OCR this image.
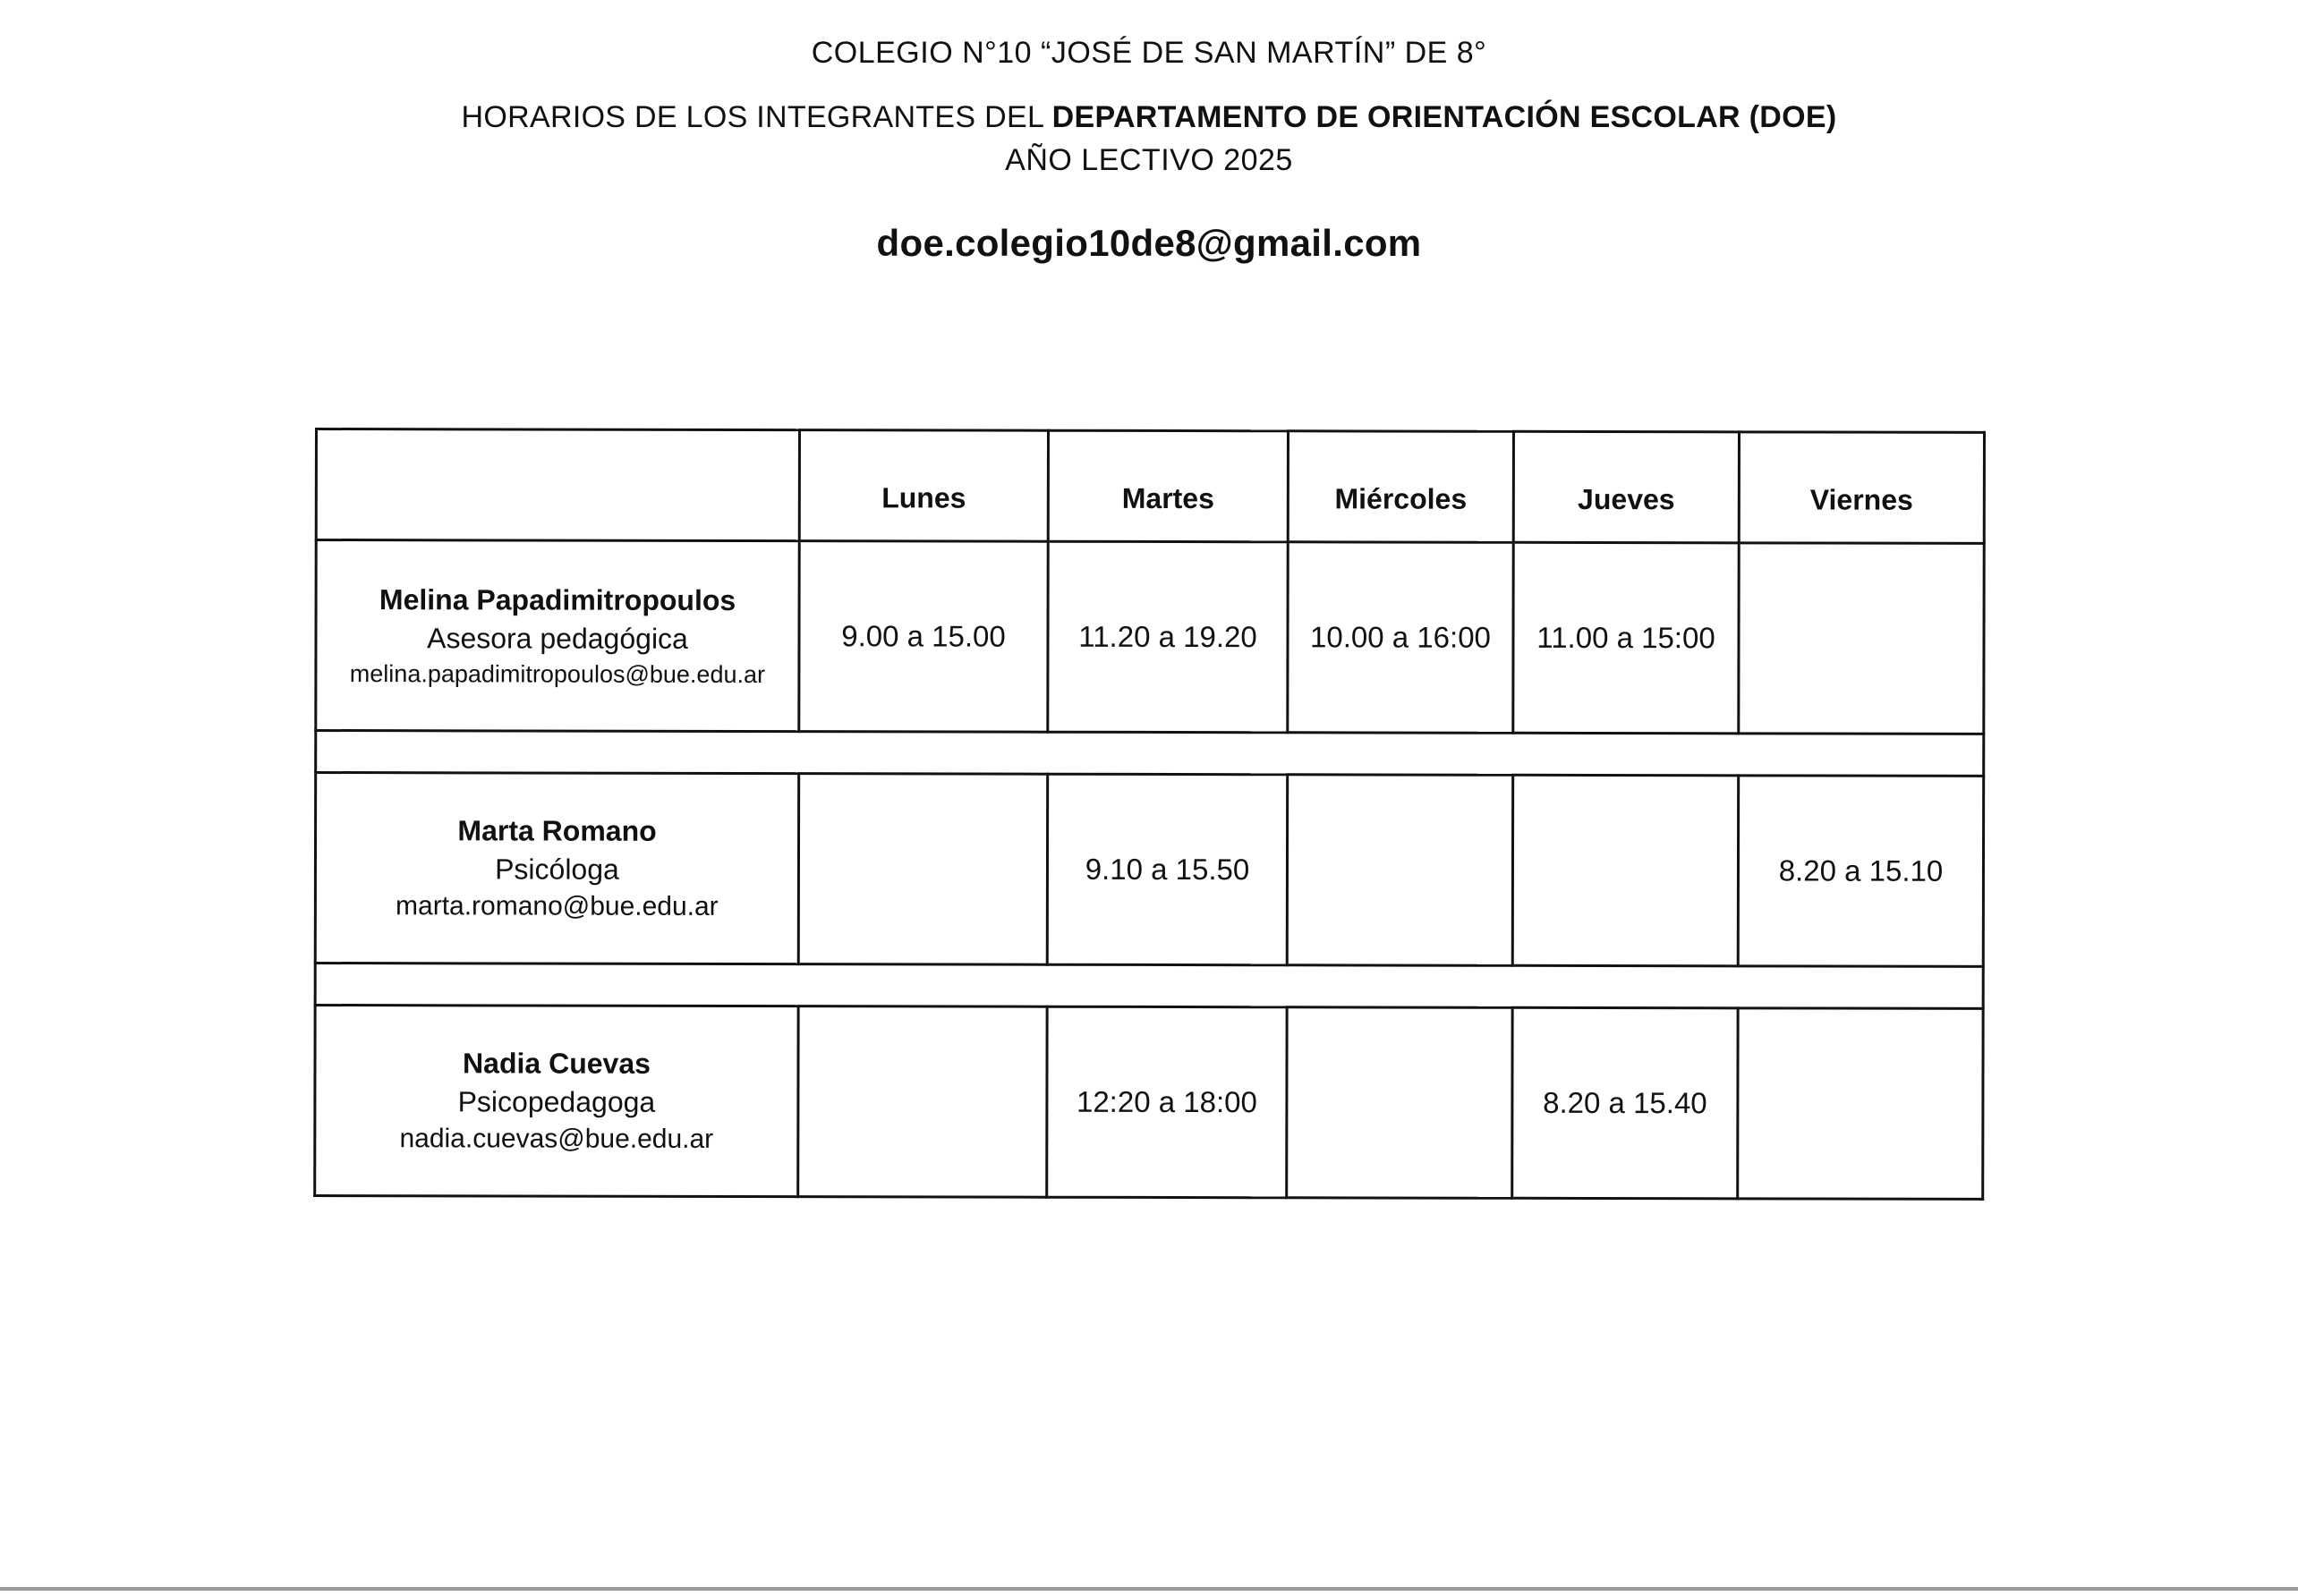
COLEGIO N°10 “JOSÉ DE SAN MARTÍN” DE 8°
HORARIOS DE LOS INTEGRANTES DEL DEPARTAMENTO DE ORIENTACIÓN ESCOLAR (DOE)
AÑO LECTIVO 2025
doe.colegio10de8@gmail.com
	Lunes	Martes	Miércoles	Jueves	Viernes

Melina Papadimitropoulos
Asesora pedagógica
melina.papadimitropoulos@bue.edu.ar	9.00 a 15.00	11.20 a 19.20	10.00 a 16:00	11.00 a 15:00	

Marta Romano
Psicóloga
marta.romano@bue.edu.ar		9.10 a 15.50			8.20 a 15.10

Nadia Cuevas
Psicopedagoga
nadia.cuevas@bue.edu.ar		12:20 a 18:00		8.20 a 15.40	
